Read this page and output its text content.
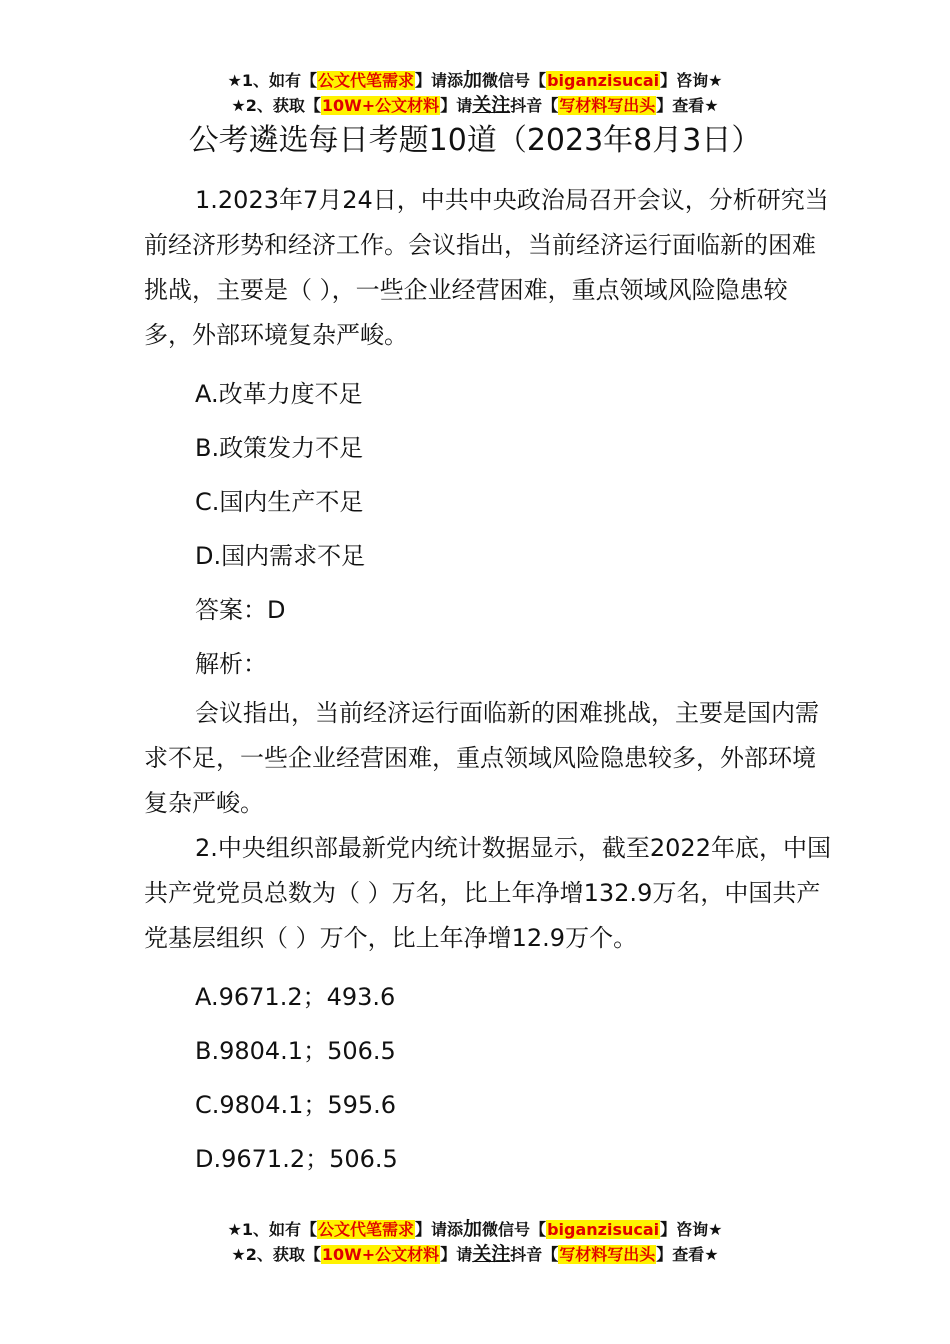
★1、如有【公文代笔需求】请添加微信号【biganzisucai】咨询★
★2、获取【10W+公文材料】请关注抖音【写材料写出头】查看★
公考遴选每日考题10道（2023年8月3日）

1.2023年7月24日，中共中央政治局召开会议，分析研究当前经济形势和经济工作。会议指出，当前经济运行面临新的困难挑战，主要是（ ），一些企业经营困难，重点领域风险隐患较多，外部环境复杂严峻。

A.改革力度不足

B.政策发力不足

C.国内生产不足

D.国内需求不足

答案：D

解析：

会议指出，当前经济运行面临新的困难挑战，主要是国内需求不足，一些企业经营困难，重点领域风险隐患较多，外部环境复杂严峻。

2.中央组织部最新党内统计数据显示，截至2022年底，中国共产党党员总数为（ ）万名，比上年净增132.9万名，中国共产党基层组织（ ）万个，比上年净增12.9万个。

A.9671.2；493.6

B.9804.1；506.5

C.9804.1；595.6

D.9671.2；506.5

★1、如有【公文代笔需求】请添加微信号【biganzisucai】咨询★
★2、获取【10W+公文材料】请关注抖音【写材料写出头】查看★
